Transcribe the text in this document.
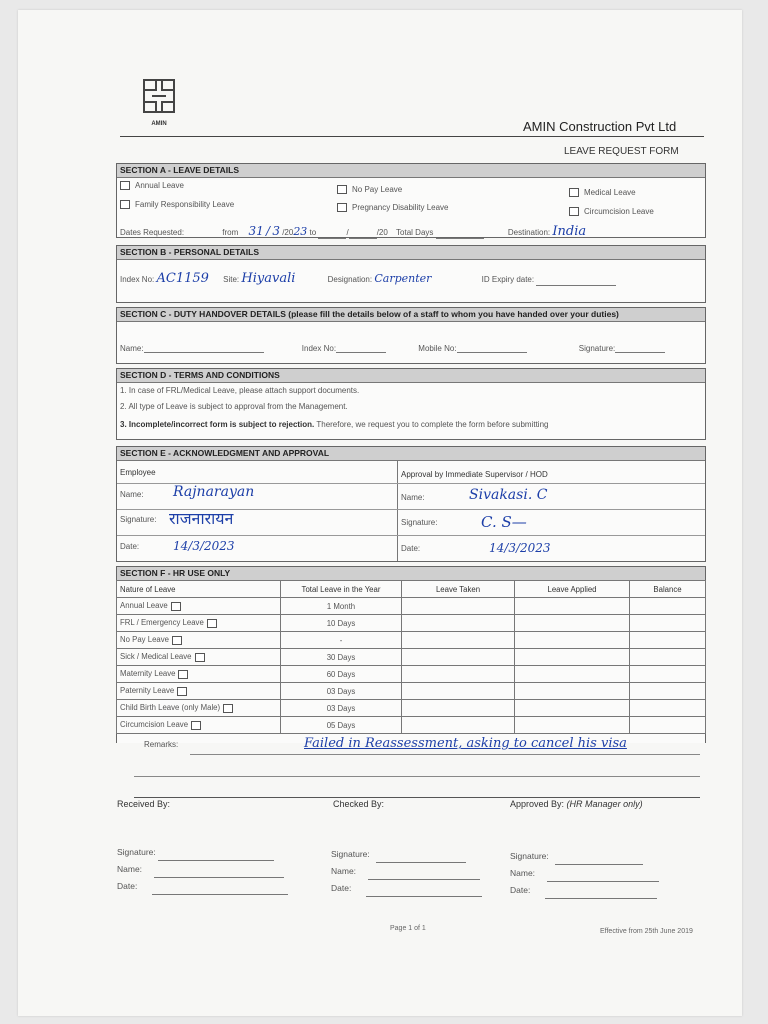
AMIN	AMIN Construction Pvt Ltd
LEAVE REQUEST FORM
SECTION A - LEAVE DETAILS
Annual Leave
Family Responsibility Leave
No Pay Leave
Pregnancy Disability Leave
Medical Leave
Circumcision Leave
Dates Requested:	from 31 / 3 /2023 to	/	/20 Total Days	Destination: India
SECTION B - PERSONAL DETAILS
Index No: AC1159 Site: Hiyavali	Designation: Carpenter	ID Expiry date:
SECTION C - DUTY HANDOVER DETAILS (please fill the details below of a staff to whom you have handed over your duties)
Name:	Index No:	Mobile No:	Signature:
SECTION D - TERMS AND CONDITIONS
1. In case of FRL/Medical Leave, please attach support documents.
2. All type of Leave is subject to approval from the Management.
3. Incomplete/incorrect form is subject to rejection. Therefore, we request you to complete the form before submitting
SECTION E - ACKNOWLEDGMENT AND APPROVAL
Employee	Approval by Immediate Supervisor / HOD
Name: Rajnarayan
Signature: राजनारायन
Date:	14/3/2023
Name:	Sivakasi. C
Signature:	C. S—
Date:	14/3/2023
SECTION F - HR USE ONLY
Nature of Leave	Total Leave in the Year	Leave Taken	Leave Applied	Balance
Annual Leave	1 Month			
FRL / Emergency Leave	10 Days			
No Pay Leave	-			
Sick / Medical Leave	30 Days			
Maternity Leave	60 Days			
Paternity Leave	03 Days			
Child Birth Leave (only Male)	03 Days			
Circumcision Leave	05 Days			
Remarks:	Failed in Reassessment, asking to cancel his visa
Received By:	Checked By:	Approved By: (HR Manager only)
Signature:
Name:
Date:
Signature:
Name:
Date:
Signature:
Name:
Date:
Page 1 of 1	Effective from 25th June 2019
